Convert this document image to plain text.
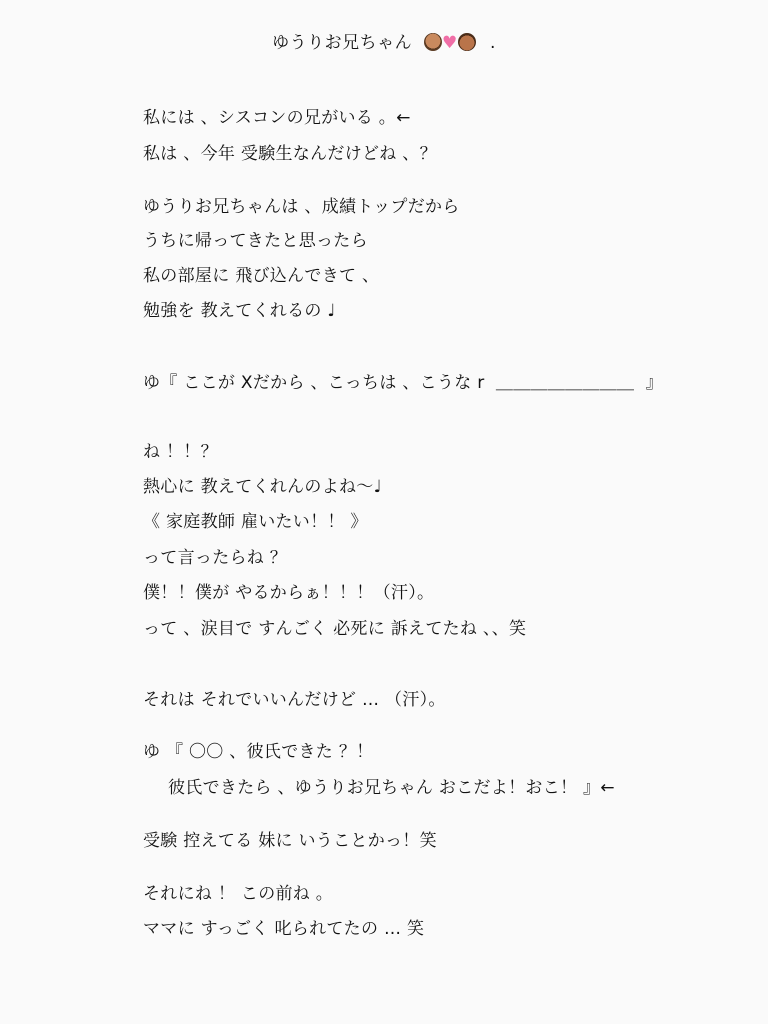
ゆうりお兄ちゃん ♥	.
私には 、シスコンの兄がいる 。←
私は 、今年 受験生なんだけどね 、？
ゆうりお兄ちゃんは 、成績トップだから
うちに帰ってきたと思ったら
私の部屋に 飛び込んできて 、
勉強を 教えてくれるの ♩
ゆ『 ここが Xだから 、こっちは 、こうな r  ＿＿＿＿＿＿＿＿  』
ね ！！？
熱心に 教えてくれんのよね〜♩
《 家庭教師 雇いたい！！ 》
って言ったらね ？
僕！！僕が やるからぁ！！！（汗）。
って 、涙目で すんごく 必死に 訴えてたね 、、笑
それは それでいいんだけど … （汗）。
ゆ 『 〇〇 、彼氏できた ？！
彼氏できたら 、ゆうりお兄ちゃん おこだよ！おこ！ 』←
受験 控えてる 妹に いうことかっ！笑
それにね ！ この前ね 。
ママに すっごく 叱られてたの … 笑
